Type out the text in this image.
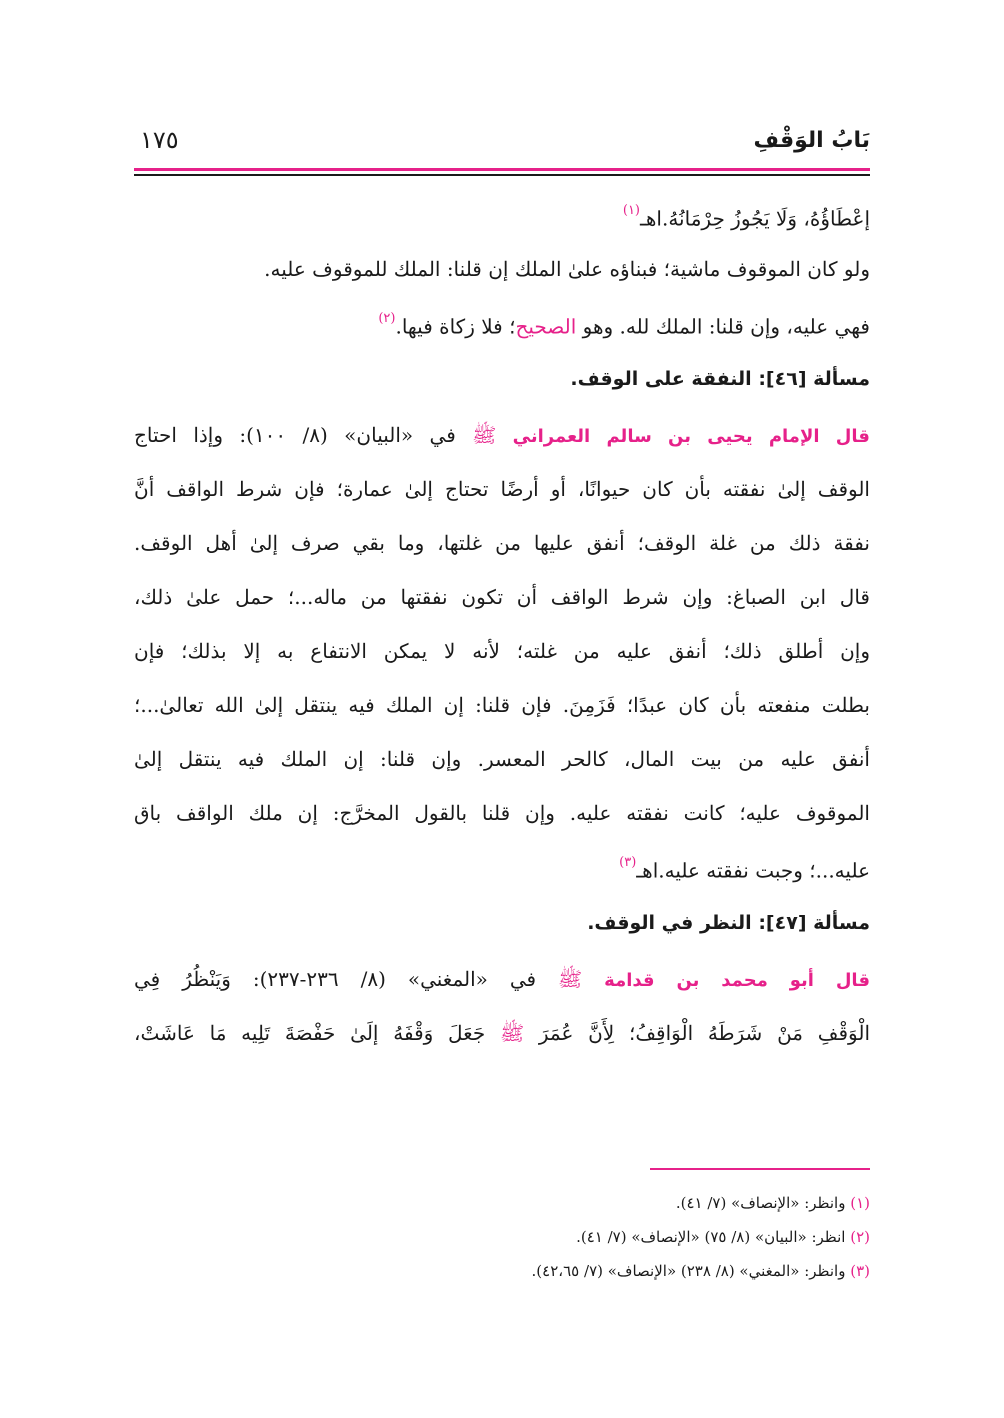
بَابُ الوَقْفِ
١٧٥
إعْطَاؤُهُ، وَلَا يَجُوزُ حِرْمَانُهُ.اهـ$^{(١)}$
ولو كان الموقوف ماشية؛ فبناؤه علىٰ الملك إن قلنا: الملك للموقوف عليه.
فهي عليه، وإن قلنا: الملك لله. وهو الصحيح؛ فلا زكاة فيها.$^{(٢)}$
مسألة [٤٦]: النفقة على الوقف.
قال الإمام يحيى بن سالم العمراني ﷺ في «البيان» (٨/ ١٠٠): وإذا احتاج
الوقف إلىٰ نفقته بأن كان حيوانًا، أو أرضًا تحتاج إلىٰ عمارة؛ فإن شرط الواقف أنَّ
نفقة ذلك من غلة الوقف؛ أنفق عليها من غلتها، وما بقي صرف إلىٰ أهل الوقف.
قال ابن الصباغ: وإن شرط الواقف أن تكون نفقتها من ماله...؛ حمل علىٰ ذلك،
وإن أطلق ذلك؛ أنفق عليه من غلته؛ لأنه لا يمكن الانتفاع به إلا بذلك؛ فإن
بطلت منفعته بأن كان عبدًا؛ فَزَمِنَ. فإن قلنا: إن الملك فيه ينتقل إلىٰ الله تعالىٰ...؛
أنفق عليه من بيت المال، كالحر المعسر. وإن قلنا: إن الملك فيه ينتقل إلىٰ
الموقوف عليه؛ كانت نفقته عليه. وإن قلنا بالقول المخرَّج: إن ملك الواقف باق
عليه...؛ وجبت نفقته عليه.اهـ$^{(٣)}$
مسألة [٤٧]: النظر في الوقف.
قال أبو محمد بن قدامة ﷺ في «المغني» (٨/ ٢٣٦-٢٣٧): وَيَنْظُرُ فِي
الْوَقْفِ مَنْ شَرَطَهُ الْوَاقِفُ؛ لِأَنَّ عُمَرَ ﷺ جَعَلَ وَقْفَهُ إلَىٰ حَفْصَةَ تَلِيه مَا عَاشَتْ،
(١) وانظر: «الإنصاف» (٧/ ٤١).
(٢) انظر: «البيان» (٨/ ٧٥) «الإنصاف» (٧/ ٤١).
(٣) وانظر: «المغني» (٨/ ٢٣٨) «الإنصاف» (٧/ ٤٢،٦٥).
